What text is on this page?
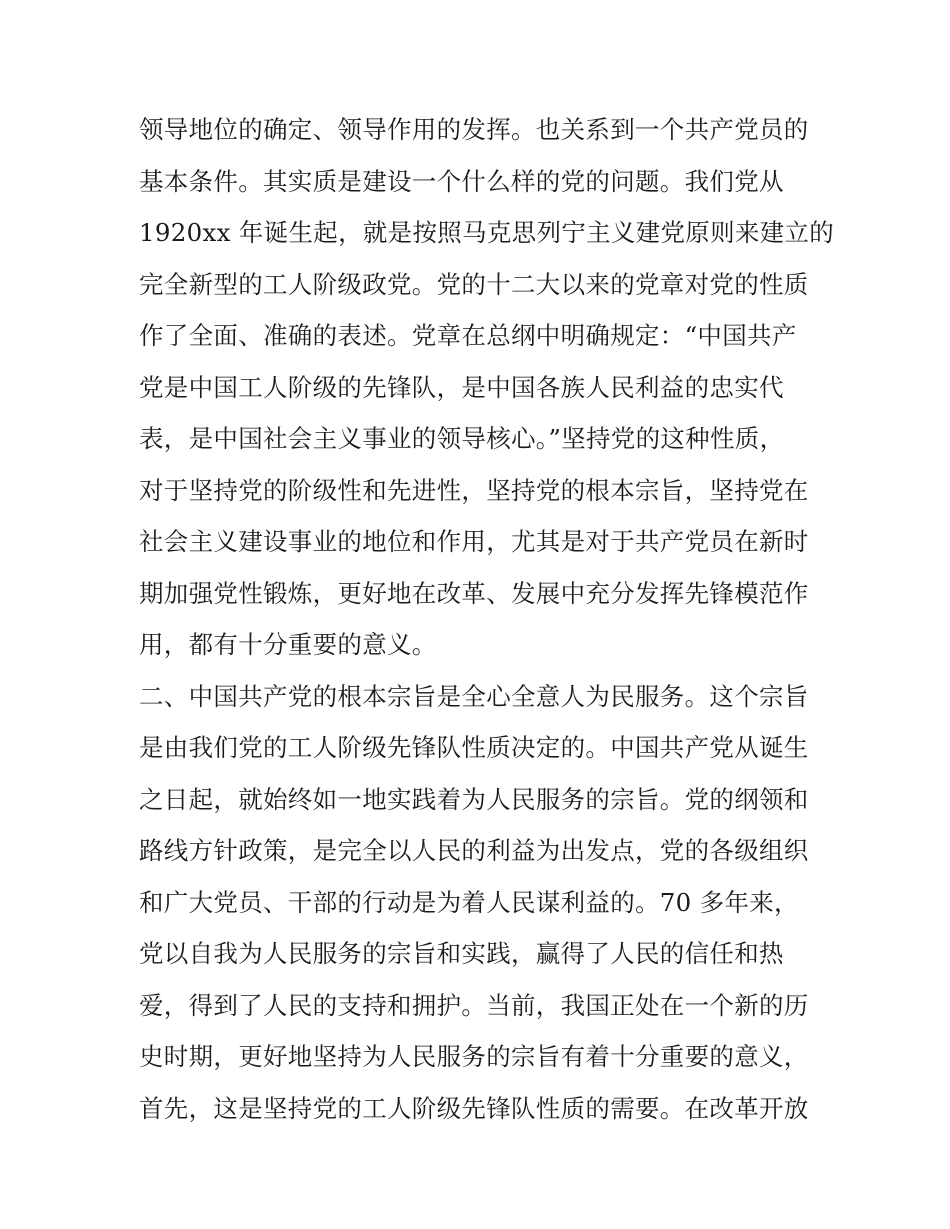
领导地位的确定、领导作用的发挥。也关系到一个共产党员的
基本条件。其实质是建设一个什么样的党的问题。我们党从
1920xx 年诞生起，就是按照马克思列宁主义建党原则来建立的
完全新型的工人阶级政党。党的十二大以来的党章对党的性质
作了全面、准确的表述。党章在总纲中明确规定：“中国共产
党是中国工人阶级的先锋队，是中国各族人民利益的忠实代
表，是中国社会主义事业的领导核心。”坚持党的这种性质，
对于坚持党的阶级性和先进性，坚持党的根本宗旨，坚持党在
社会主义建设事业的地位和作用，尤其是对于共产党员在新时
期加强党性锻炼，更好地在改革、发展中充分发挥先锋模范作
用，都有十分重要的意义。
二、中国共产党的根本宗旨是全心全意人为民服务。这个宗旨
是由我们党的工人阶级先锋队性质决定的。中国共产党从诞生
之日起，就始终如一地实践着为人民服务的宗旨。党的纲领和
路线方针政策，是完全以人民的利益为出发点，党的各级组织
和广大党员、干部的行动是为着人民谋利益的。70 多年来，
党以自我为人民服务的宗旨和实践，赢得了人民的信任和热
爱，得到了人民的支持和拥护。当前，我国正处在一个新的历
史时期，更好地坚持为人民服务的宗旨有着十分重要的意义，
首先，这是坚持党的工人阶级先锋队性质的需要。在改革开放
